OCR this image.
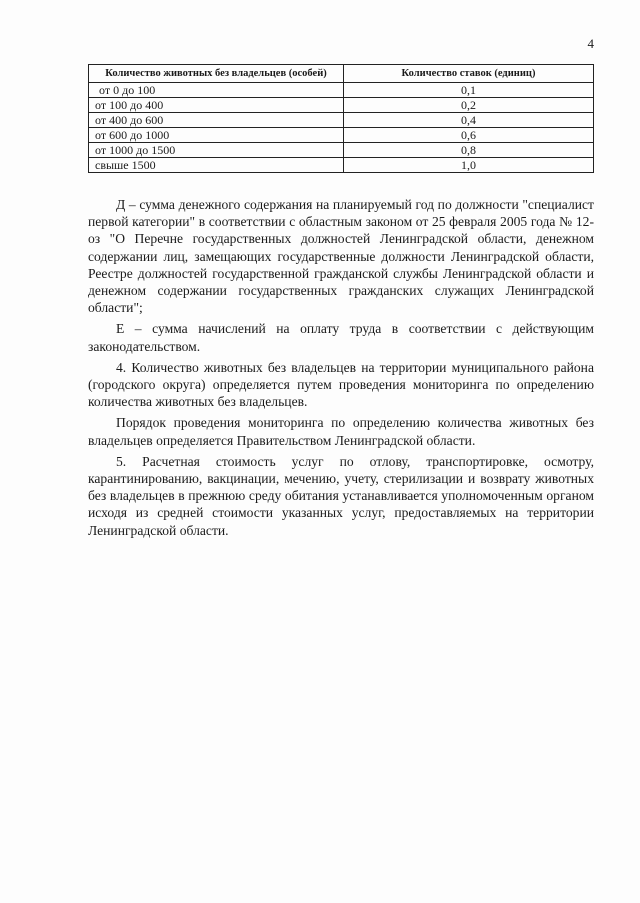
4
Количество животных без владельцев (особей)	Количество ставок (единиц)
от 0 до 100	0,1
от 100 до 400	0,2
от 400 до 600	0,4
от 600 до 1000	0,6
от 1000 до 1500	0,8
свыше 1500	1,0

Д – сумма денежного содержания на планируемый год по должности "специалист первой категории" в соответствии с областным законом от 25 февраля 2005 года № 12-оз "О Перечне государственных должностей Ленинградской области, денежном содержании лиц, замещающих государственные должности Ленинградской области, Реестре должностей государственной гражданской службы Ленинградской области и денежном содержании государственных гражданских служащих Ленинградской области";

Е – сумма начислений на оплату труда в соответствии с действующим законодательством.

4. Количество животных без владельцев на территории муниципального района (городского округа) определяется путем проведения мониторинга по определению количества животных без владельцев.

Порядок проведения мониторинга по определению количества животных без владельцев определяется Правительством Ленинградской области.

5. Расчетная стоимость услуг по отлову, транспортировке, осмотру, карантинированию, вакцинации, мечению, учету, стерилизации и возврату животных без владельцев в прежнюю среду обитания устанавливается уполномоченным органом исходя из средней стоимости указанных услуг, предоставляемых на территории Ленинградской области.
